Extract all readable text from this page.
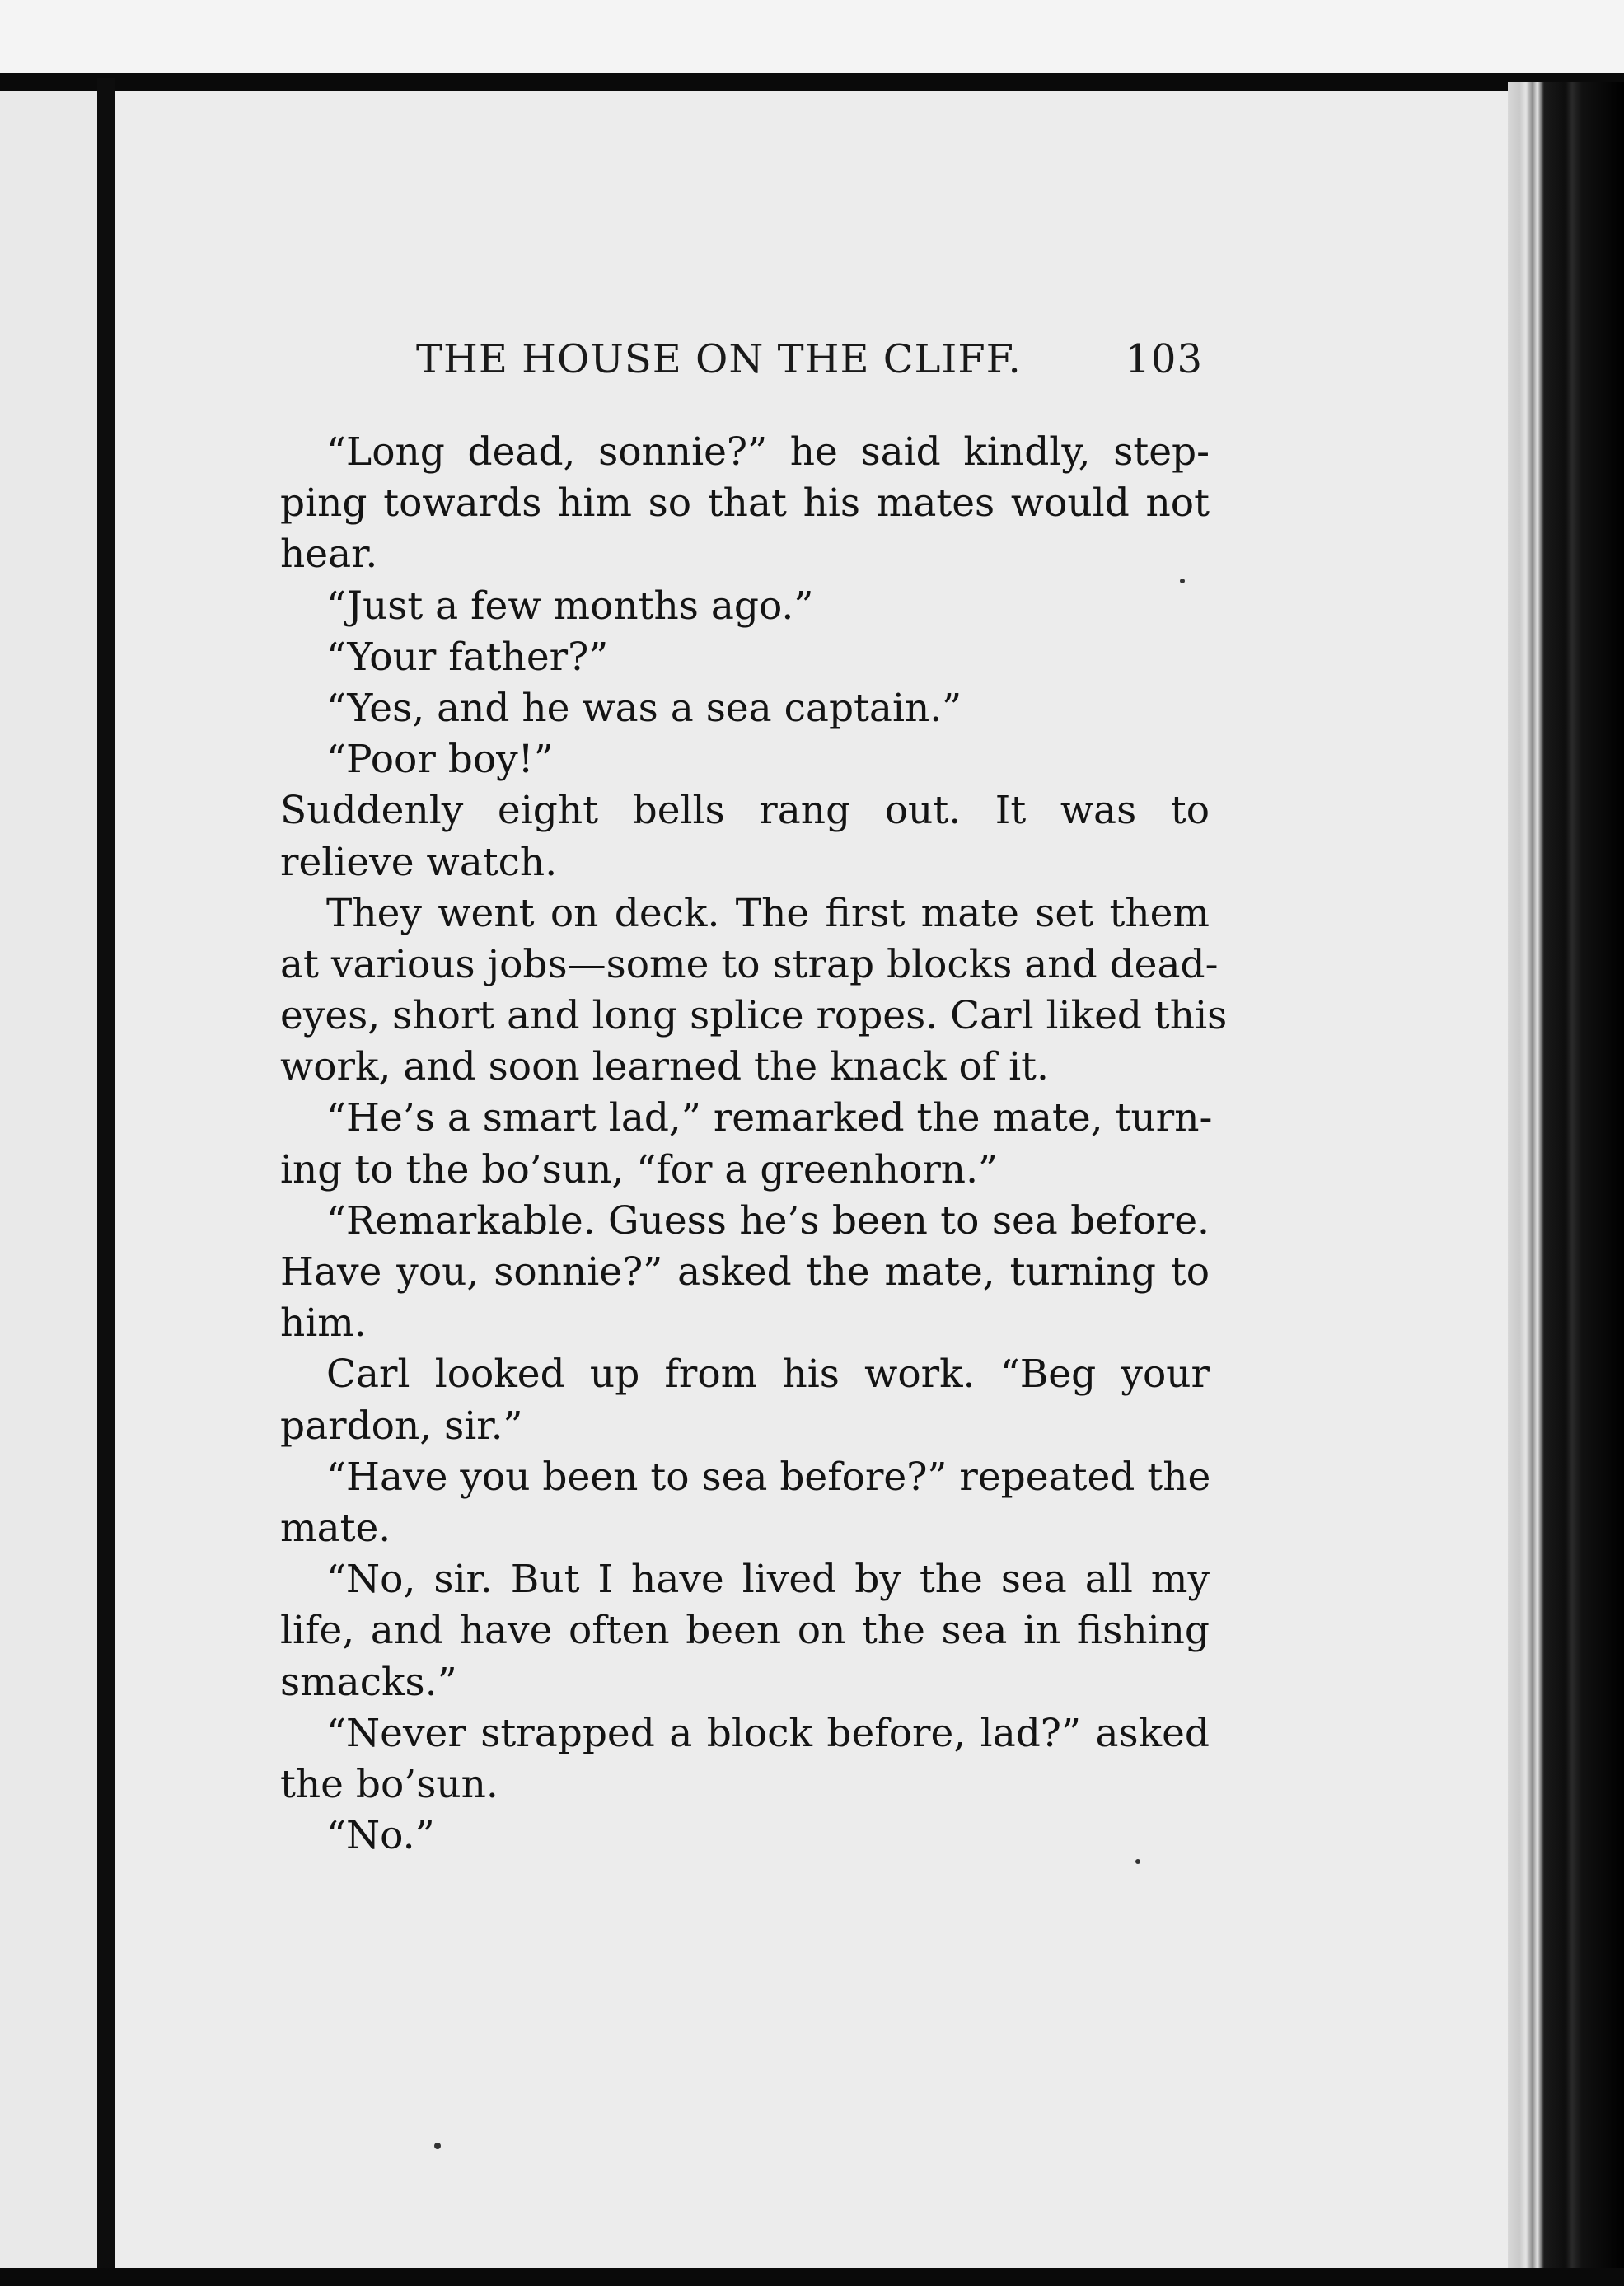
THE HOUSE ON THE CLIFF.	103
“Long dead, sonnie?” he said kindly, step-
ping towards him so that his mates would not
hear.
“Just a few months ago.”
“Your father?”
“Yes, and he was a sea captain.”
“Poor boy!”
Suddenly eight bells rang out. It was to
relieve watch.
They went on deck. The first mate set them
at various jobs—some to strap blocks and dead-
eyes, short and long splice ropes. Carl liked this
work, and soon learned the knack of it.
“He’s a smart lad,” remarked the mate, turn-
ing to the bo’sun, “for a greenhorn.”
“Remarkable. Guess he’s been to sea before.
Have you, sonnie?” asked the mate, turning to
him.
Carl looked up from his work. “Beg your
pardon, sir.”
“Have you been to sea before?” repeated the
mate.
“No, sir. But I have lived by the sea all my
life, and have often been on the sea in fishing
smacks.”
“Never strapped a block before, lad?” asked
the bo’sun.
“No.”
